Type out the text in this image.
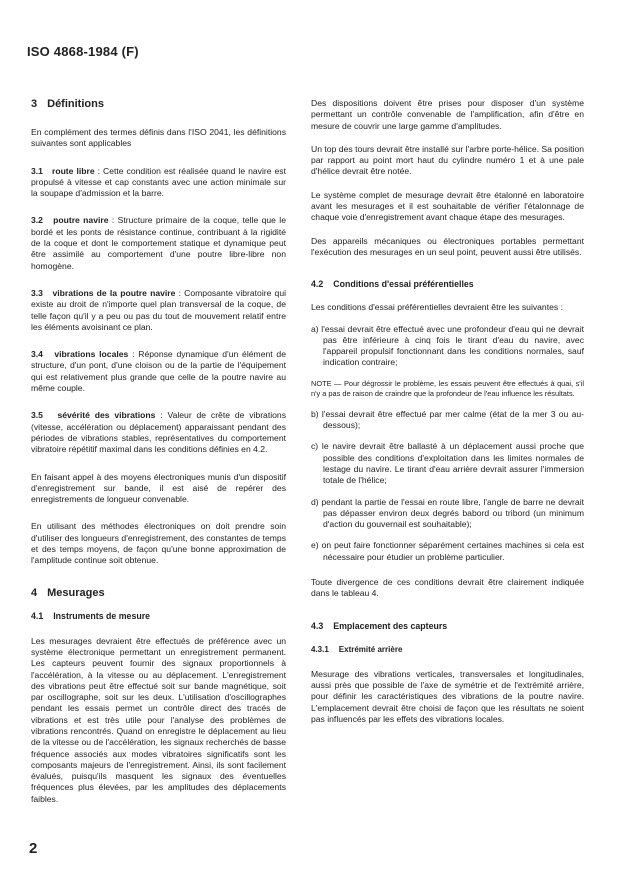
ISO 4868-1984 (F)

3 Définitions

En complément des termes définis dans l'ISO 2041, les définitions suivantes sont applicables

3.1 route libre : Cette condition est réalisée quand le navire est propulsé à vitesse et cap constants avec une action minimale sur la soupape d'admission et la barre.

3.2 poutre navire : Structure primaire de la coque, telle que le bordé et les ponts de résistance continue, contribuant à la rigidité de la coque et dont le comportement statique et dynamique peut être assimilé au comportement d'une poutre libre-libre non homogène.

3.3 vibrations de la poutre navire : Composante vibratoire qui existe au droit de n'importe quel plan transversal de la coque, de telle façon qu'il y a peu ou pas du tout de mouvement relatif entre les éléments avoisinant ce plan.

3.4 vibrations locales : Réponse dynamique d'un élément de structure, d'un pont, d'une cloison ou de la partie de l'équipement qui est relativement plus grande que celle de la poutre navire au même couple.

3.5 sévérité des vibrations : Valeur de crête de vibrations (vitesse, accélération ou déplacement) apparaissant pendant des périodes de vibrations stables, représentatives du comportement vibratoire répétitif maximal dans les conditions définies en 4.2.

En faisant appel à des moyens électroniques munis d'un dispositif d'enregistrement sur bande, il est aisé de repérer des enregistrements de longueur convenable.

En utilisant des méthodes électroniques on doit prendre soin d'utiliser des longueurs d'enregistrement, des constantes de temps et des temps moyens, de façon qu'une bonne approximation de l'amplitude continue soit obtenue.

4 Mesurages

4.1 Instruments de mesure

Les mesurages devraient être effectués de préférence avec un système électronique permettant un enregistrement permanent. Les capteurs peuvent fournir des signaux proportionnels à l'accélération, à la vitesse ou au déplacement. L'enregistrement des vibrations peut être effectué soit sur bande magnétique, soit par oscillographe, soit sur les deux. L'utilisation d'oscillographes pendant les essais permet un contrôle direct des tracés de vibrations et est très utile pour l'analyse des problèmes de vibrations rencontrés. Quand on enregistre le déplacement au lieu de la vitesse ou de l'accélération, les signaux recherchés de basse fréquence associés aux modes vibratoires significatifs sont les composants majeurs de l'enregistrement. Ainsi, ils sont facilement évalués, puisqu'ils masquent les signaux des éventuelles fréquences plus élevées, par les amplitudes des déplacements faibles.

Des dispositions doivent être prises pour disposer d'un système permettant un contrôle convenable de l'amplification, afin d'être en mesure de couvrir une large gamme d'amplitudes.

Un top des tours devrait être installé sur l'arbre porte-hélice. Sa position par rapport au point mort haut du cylindre numéro 1 et à une pale d'hélice devrait être notée.

Le système complet de mesurage devrait être étalonné en laboratoire avant les mesurages et il est souhaitable de vérifier l'étalonnage de chaque voie d'enregistrement avant chaque étape des mesurages.

Des appareils mécaniques ou électroniques portables permettant l'exécution des mesurages en un seul point, peuvent aussi être utilisés.

4.2 Conditions d'essai préférentielles

Les conditions d'essai préférentielles devraient être les suivantes :

a) l'essai devrait être effectué avec une profondeur d'eau qui ne devrait pas être inférieure à cinq fois le tirant d'eau du navire, avec l'appareil propulsif fonctionnant dans les conditions normales, sauf indication contraire;

NOTE — Pour dégrossir le problème, les essais peuvent être effectués à quai, s'il n'y a pas de raison de craindre que la profondeur de l'eau influence les résultats.

b) l'essai devrait être effectué par mer calme (état de la mer 3 ou au-dessous);

c) le navire devrait être ballasté à un déplacement aussi proche que possible des conditions d'exploitation dans les limites normales de lestage du navire. Le tirant d'eau arrière devrait assurer l'immersion totale de l'hélice;

d) pendant la partie de l'essai en route libre, l'angle de barre ne devrait pas dépasser environ deux degrés babord ou tribord (un minimum d'action du gouvernail est souhaitable);

e) on peut faire fonctionner séparément certaines machines si cela est nécessaire pour étudier un problème particulier.

Toute divergence de ces conditions devrait être clairement indiquée dans le tableau 4.

4.3 Emplacement des capteurs

4.3.1 Extrémité arrière

Mesurage des vibrations verticales, transversales et longitudinales, aussi près que possible de l'axe de symétrie et de l'extrémité arrière, pour définir les caractéristiques des vibrations de la poutre navire. L'emplacement devrait être choisi de façon que les résultats ne soient pas influencés par les effets des vibrations locales.

2
